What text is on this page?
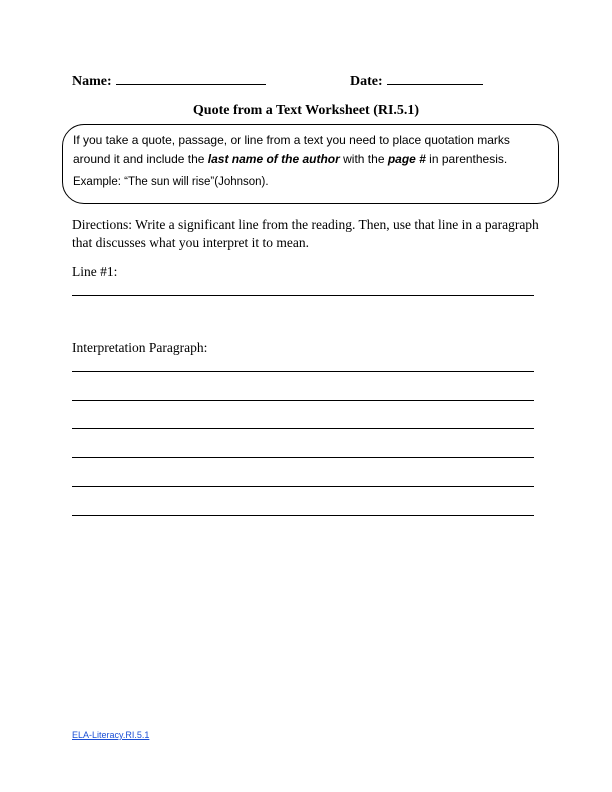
Name:	Date:
Quote from a Text Worksheet (RI.5.1)
If you take a quote, passage, or line from a text you need to place quotation marks around it and include the last name of the author with the page # in parenthesis.
Example: “The sun will rise”(Johnson).
Directions: Write a significant line from the reading. Then, use that line in a paragraph that discusses what you interpret it to mean.
Line #1:
Interpretation Paragraph:
ELA-Literacy.RI.5.1
